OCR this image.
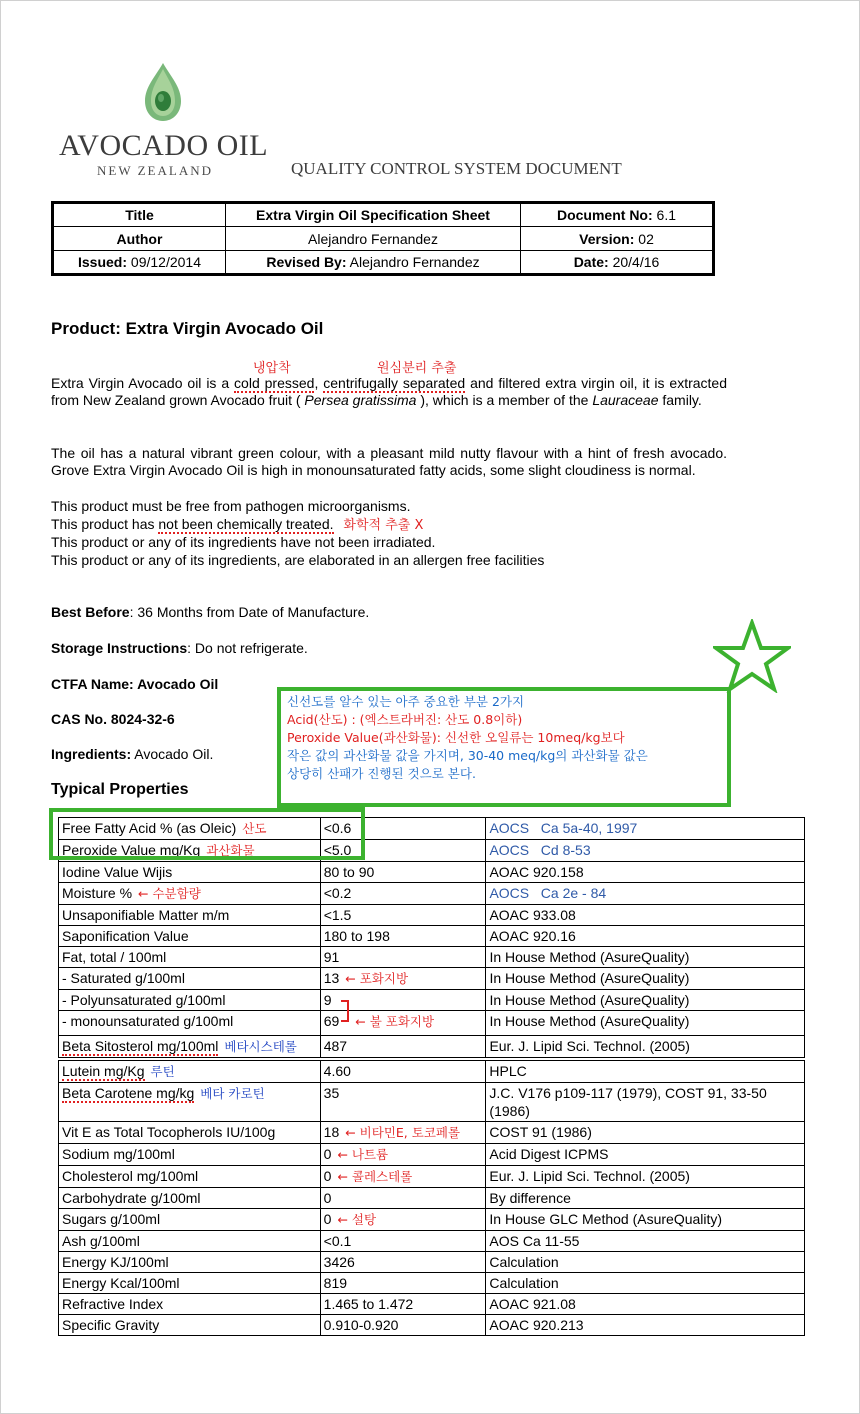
AVOCADO OIL
NEW ZEALAND	QUALITY CONTROL SYSTEM DOCUMENT
Title	Extra Virgin Oil Specification Sheet	Document No: 6.1
Author	Alejandro Fernandez	Version: 02
Issued: 09/12/2014	Revised By: Alejandro Fernandez	Date: 20/4/16
Product: Extra Virgin Avocado Oil
냉압착	원심분리 추출
Extra Virgin Avocado oil is a cold pressed, centrifugally separated and filtered extra virgin oil, it is extracted from New Zealand grown Avocado fruit ( Persea gratissima ), which is a member of the Lauraceae family.
The oil has a natural vibrant green colour, with a pleasant mild nutty flavour with a hint of fresh avocado. Grove Extra Virgin Avocado Oil is high in monounsaturated fatty acids, some slight cloudiness is normal.
This product must be free from pathogen microorganisms.
This product has not been chemically treated. 화학적 추출 X
This product or any of its ingredients have not been irradiated.
This product or any of its ingredients, are elaborated in an allergen free facilities
Best Before: 36 Months from Date of Manufacture.
Storage Instructions: Do not refrigerate.
CTFA Name: Avocado Oil
CAS No. 8024-32-6
Ingredients: Avocado Oil.
Typical Properties
신선도를 알수 있는 아주 중요한 부분 2가지
Acid(산도) : (엑스트라버진: 산도 0.8이하)
Peroxide Value(과산화물): 신선한 오일류는 10meq/kg보다
작은 값의 과산화물 값을 가지며, 30-40 meq/kg의 과산화물 값은
상당히 산패가 진행된 것으로 본다.
Free Fatty Acid % (as Oleic) 산도	<0.6	AOCS   Ca 5a-40, 1997
Peroxide Value mq/Kg 과산화물	<5.0	AOCS   Cd 8-53
Iodine Value Wijis	80 to 90	AOAC 920.158
Moisture % ← 수분함량	<0.2	AOCS   Ca 2e - 84
Unsaponifiable Matter m/m	<1.5	AOAC 933.08
Saponification Value	180 to 198	AOAC 920.16
Fat, total / 100ml	91	In House Method (AsureQuality)
- Saturated g/100ml	13 ← 포화지방	In House Method (AsureQuality)
- Polyunsaturated g/100ml	9	In House Method (AsureQuality)
- monounsaturated g/100ml	69 ← 불 포화지방	In House Method (AsureQuality)
Beta Sitosterol mg/100ml 베타시스테롤	487	Eur. J. Lipid Sci. Technol. (2005)
Lutein mg/Kg 루틴	4.60	HPLC
Beta Carotene mg/kg 베타 카로틴	35	J.C. V176 p109-117 (1979), COST 91, 33-50 (1986)
Vit E as Total Tocopherols IU/100g	18 ← 비타민E, 토코페롤	COST 91 (1986)
Sodium mg/100ml	0 ← 나트륨	Acid Digest ICPMS
Cholesterol mg/100ml	0 ← 콜레스테롤	Eur. J. Lipid Sci. Technol. (2005)
Carbohydrate g/100ml	0	By difference
Sugars g/100ml	0 ← 설탕	In House GLC Method (AsureQuality)
Ash g/100ml	<0.1	AOS Ca 11-55
Energy KJ/100ml	3426	Calculation
Energy Kcal/100ml	819	Calculation
Refractive Index	1.465 to 1.472	AOAC 921.08
Specific Gravity	0.910-0.920	AOAC 920.213
